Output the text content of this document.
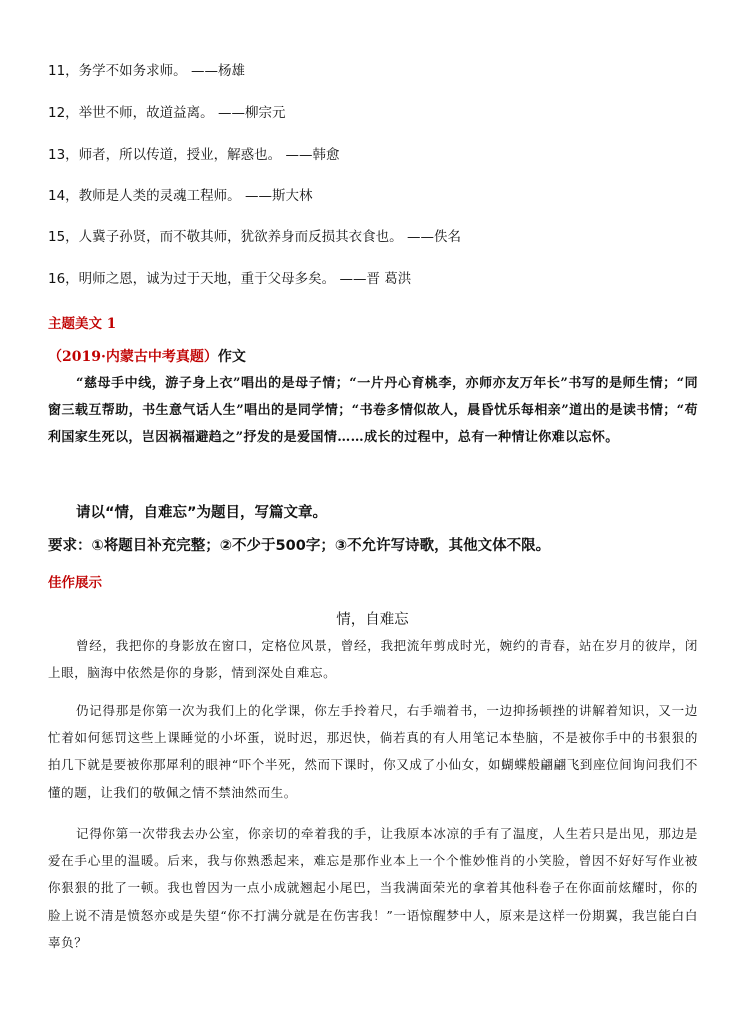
11，务学不如务求师。 ——杨雄
12，举世不师，故道益离。 ——柳宗元
13，师者，所以传道，授业，解惑也。 ——韩愈
14，教师是人类的灵魂工程师。 ——斯大林
15，人冀子孙贤，而不敬其师，犹欲养身而反损其衣食也。 ——佚名
16，明师之恩，诚为过于天地，重于父母多矣。 ——晋 葛洪
主题美文 1
（2019·内蒙古中考真题）作文
“慈母手中线，游子身上衣”唱出的是母子情；“一片丹心育桃李，亦师亦友万年长”书写的是师生情；“同窗三载互帮助，书生意气话人生”唱出的是同学情；“书卷多情似故人，晨昏忧乐每相亲”道出的是读书情；“苟利国家生死以，岂因祸福避趋之”抒发的是爱国情……成长的过程中，总有一种情让你难以忘怀。
请以“情，自难忘”为题目，写篇文章。
要求：①将题目补充完整；②不少于500字；③不允许写诗歌，其他文体不限。
佳作展示
情，自难忘
曾经，我把你的身影放在窗口，定格位风景，曾经，我把流年剪成时光，婉约的青春，站在岁月的彼岸，闭上眼，脑海中依然是你的身影，情到深处自难忘。
仍记得那是你第一次为我们上的化学课，你左手拎着尺，右手端着书，一边抑扬顿挫的讲解着知识，又一边忙着如何惩罚这些上课睡觉的小坏蛋，说时迟，那迟快，倘若真的有人用笔记本垫脑，不是被你手中的书狠狠的拍几下就是要被你那犀利的眼神“吓个半死，然而下课时，你又成了小仙女，如蝴蝶般翩翩飞到座位间询问我们不懂的题，让我们的敬佩之情不禁油然而生。
记得你第一次带我去办公室，你亲切的牵着我的手，让我原本冰凉的手有了温度，人生若只是出见，那边是爱在手心里的温暖。后来，我与你熟悉起来，难忘是那作业本上一个个惟妙惟肖的小笑脸，曾因不好好写作业被你狠狠的批了一顿。我也曾因为一点小成就翘起小尾巴，当我满面荣光的拿着其他科卷子在你面前炫耀时，你的脸上说不清是愤怒亦或是失望“你不打满分就是在伤害我！”一语惊醒梦中人，原来是这样一份期翼，我岂能白白辜负？
